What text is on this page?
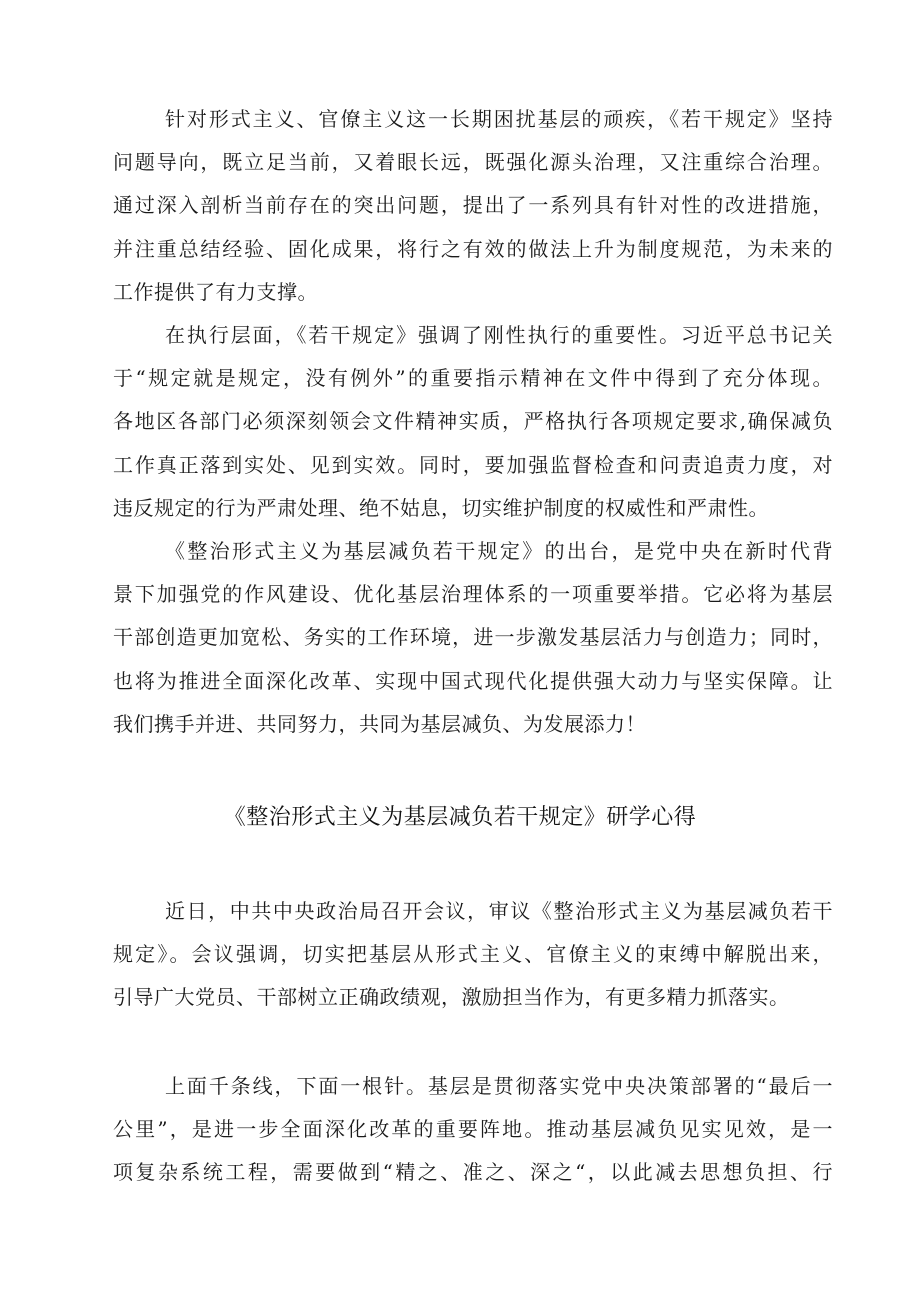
针对形式主义、官僚主义这一长期困扰基层的顽疾，《若干规定》坚持
问题导向，既立足当前，又着眼长远，既强化源头治理，又注重综合治理。
通过深入剖析当前存在的突出问题，提出了一系列具有针对性的改进措施，
并注重总结经验、固化成果，将行之有效的做法上升为制度规范，为未来的
工作提供了有力支撑。
在执行层面，《若干规定》强调了刚性执行的重要性。习近平总书记关
于“规定就是规定，没有例外”的重要指示精神在文件中得到了充分体现。
各地区各部门必须深刻领会文件精神实质，严格执行各项规定要求,确保减负
工作真正落到实处、见到实效。同时，要加强监督检查和问责追责力度，对
违反规定的行为严肃处理、绝不姑息，切实维护制度的权威性和严肃性。
《整治形式主义为基层减负若干规定》的出台，是党中央在新时代背
景下加强党的作风建设、优化基层治理体系的一项重要举措。它必将为基层
干部创造更加宽松、务实的工作环境，进一步激发基层活力与创造力；同时，
也将为推进全面深化改革、实现中国式现代化提供强大动力与坚实保障。让
我们携手并进、共同努力，共同为基层减负、为发展添力！
《整治形式主义为基层减负若干规定》研学心得
近日，中共中央政治局召开会议，审议《整治形式主义为基层减负若干
规定》。会议强调，切实把基层从形式主义、官僚主义的束缚中解脱出来，
引导广大党员、干部树立正确政绩观，激励担当作为，有更多精力抓落实。
上面千条线，下面一根针。基层是贯彻落实党中央决策部署的“最后一
公里”，是进一步全面深化改革的重要阵地。推动基层减负见实见效，是一
项复杂系统工程，需要做到“精之、准之、深之“，以此减去思想负担、行
